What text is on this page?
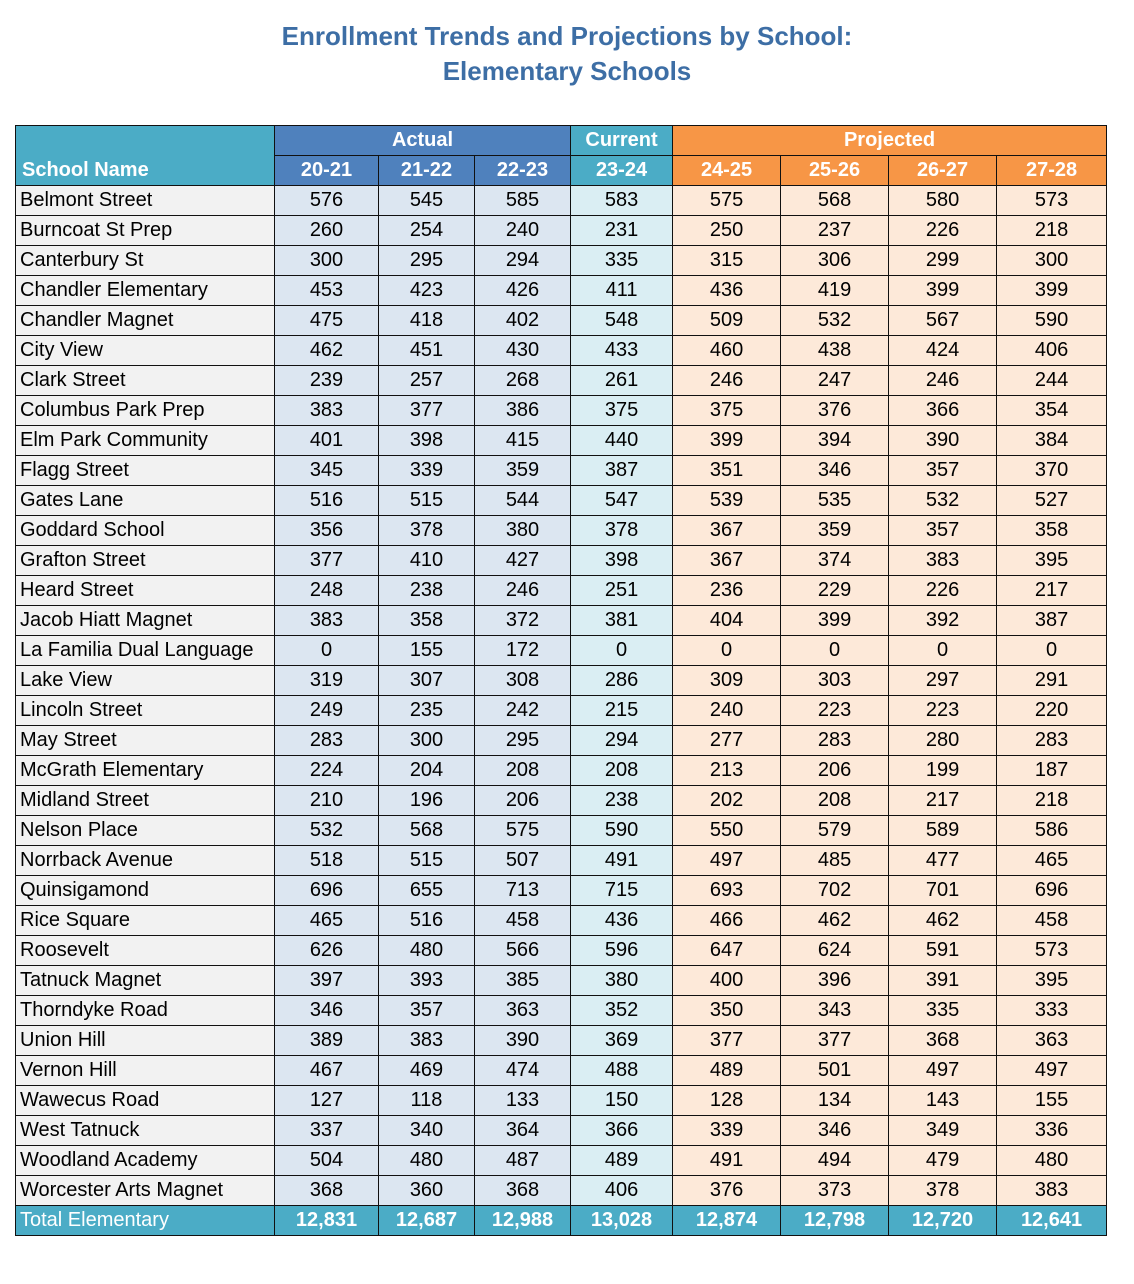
Enrollment Trends and Projections by School:
Elementary Schools
School Name	Actual			Current	Projected			
	20-21	21-22	22-23	23-24	24-25	25-26	26-27	27-28
Belmont Street	576	545	585	583	575	568	580	573
Burncoat St Prep	260	254	240	231	250	237	226	218
Canterbury St	300	295	294	335	315	306	299	300
Chandler Elementary	453	423	426	411	436	419	399	399
Chandler Magnet	475	418	402	548	509	532	567	590
City View	462	451	430	433	460	438	424	406
Clark Street	239	257	268	261	246	247	246	244
Columbus Park Prep	383	377	386	375	375	376	366	354
Elm Park Community	401	398	415	440	399	394	390	384
Flagg Street	345	339	359	387	351	346	357	370
Gates Lane	516	515	544	547	539	535	532	527
Goddard School	356	378	380	378	367	359	357	358
Grafton Street	377	410	427	398	367	374	383	395
Heard Street	248	238	246	251	236	229	226	217
Jacob Hiatt Magnet	383	358	372	381	404	399	392	387
La Familia Dual Language	0	155	172	0	0	0	0	0
Lake View	319	307	308	286	309	303	297	291
Lincoln Street	249	235	242	215	240	223	223	220
May Street	283	300	295	294	277	283	280	283
McGrath Elementary	224	204	208	208	213	206	199	187
Midland Street	210	196	206	238	202	208	217	218
Nelson Place	532	568	575	590	550	579	589	586
Norrback Avenue	518	515	507	491	497	485	477	465
Quinsigamond	696	655	713	715	693	702	701	696
Rice Square	465	516	458	436	466	462	462	458
Roosevelt	626	480	566	596	647	624	591	573
Tatnuck Magnet	397	393	385	380	400	396	391	395
Thorndyke Road	346	357	363	352	350	343	335	333
Union Hill	389	383	390	369	377	377	368	363
Vernon Hill	467	469	474	488	489	501	497	497
Wawecus Road	127	118	133	150	128	134	143	155
West Tatnuck	337	340	364	366	339	346	349	336
Woodland Academy	504	480	487	489	491	494	479	480
Worcester Arts Magnet	368	360	368	406	376	373	378	383
Total Elementary	12,831	12,687	12,988	13,028	12,874	12,798	12,720	12,641
